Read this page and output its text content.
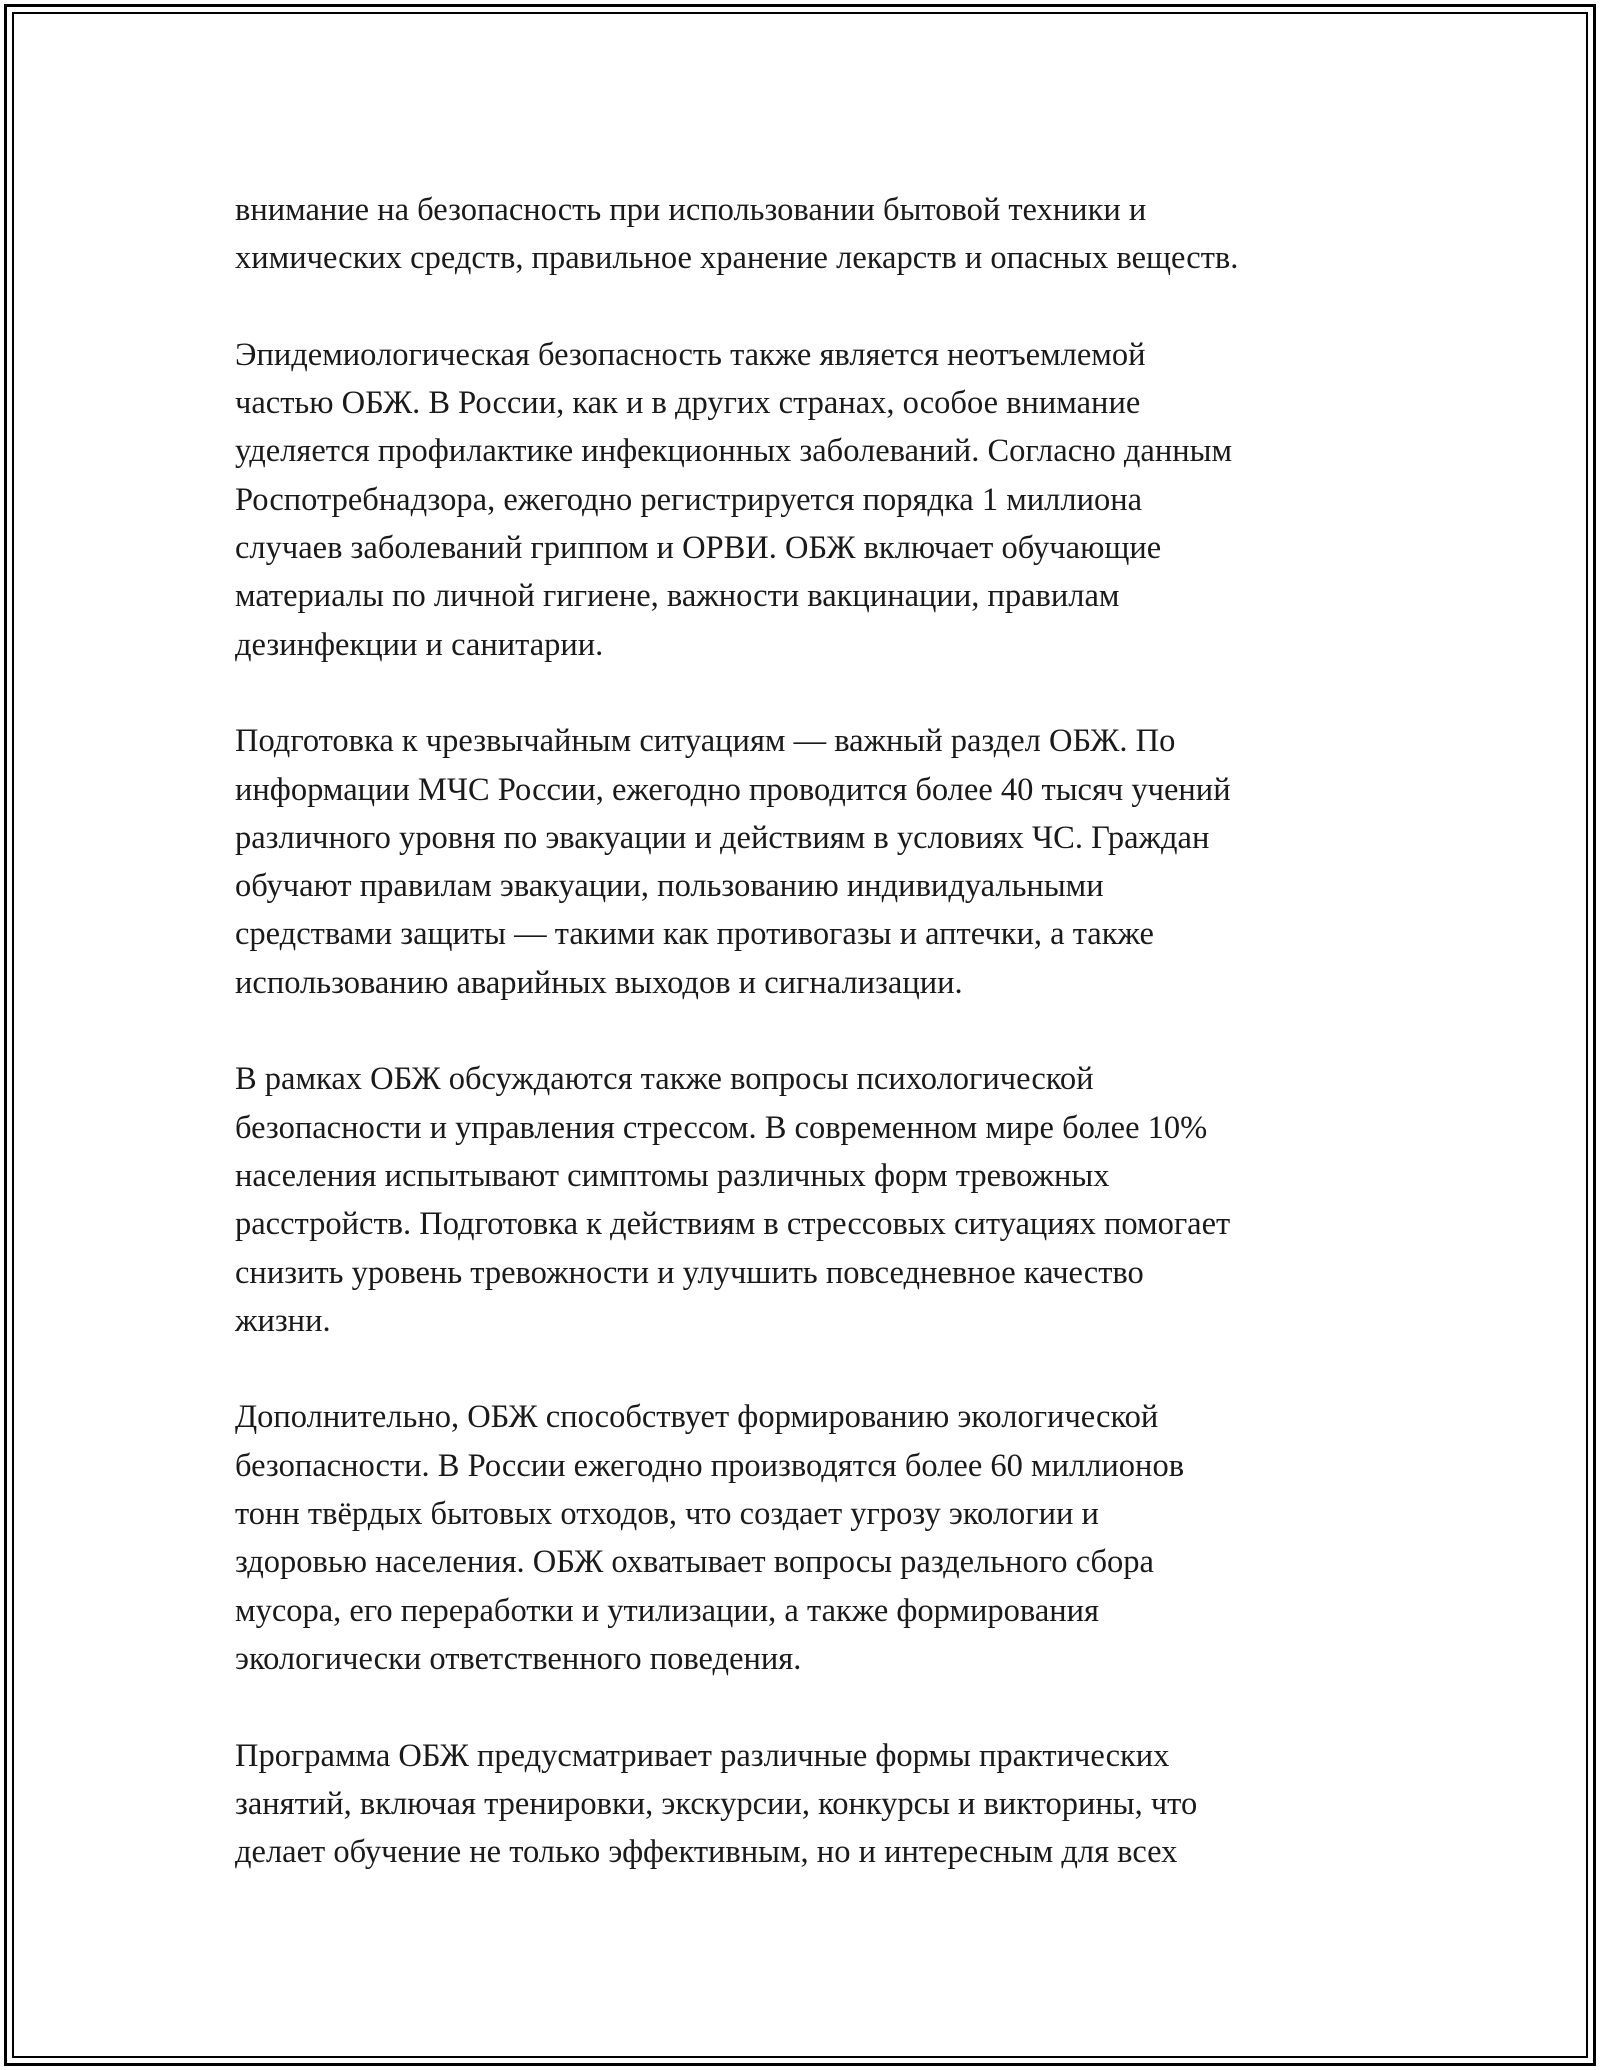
внимание на безопасность при использовании бытовой техники и
химических средств, правильное хранение лекарств и опасных веществ.

Эпидемиологическая безопасность также является неотъемлемой
частью ОБЖ. В России, как и в других странах, особое внимание
уделяется профилактике инфекционных заболеваний. Согласно данным
Роспотребнадзора, ежегодно регистрируется порядка 1 миллиона
случаев заболеваний гриппом и ОРВИ. ОБЖ включает обучающие
материалы по личной гигиене, важности вакцинации, правилам
дезинфекции и санитарии.

Подготовка к чрезвычайным ситуациям — важный раздел ОБЖ. По
информации МЧС России, ежегодно проводится более 40 тысяч учений
различного уровня по эвакуации и действиям в условиях ЧС. Граждан
обучают правилам эвакуации, пользованию индивидуальными
средствами защиты — такими как противогазы и аптечки, а также
использованию аварийных выходов и сигнализации.

В рамках ОБЖ обсуждаются также вопросы психологической
безопасности и управления стрессом. В современном мире более 10%
населения испытывают симптомы различных форм тревожных
расстройств. Подготовка к действиям в стрессовых ситуациях помогает
снизить уровень тревожности и улучшить повседневное качество
жизни.

Дополнительно, ОБЖ способствует формированию экологической
безопасности. В России ежегодно производятся более 60 миллионов
тонн твёрдых бытовых отходов, что создает угрозу экологии и
здоровью населения. ОБЖ охватывает вопросы раздельного сбора
мусора, его переработки и утилизации, а также формирования
экологически ответственного поведения.

Программа ОБЖ предусматривает различные формы практических
занятий, включая тренировки, экскурсии, конкурсы и викторины, что
делает обучение не только эффективным, но и интересным для всех
